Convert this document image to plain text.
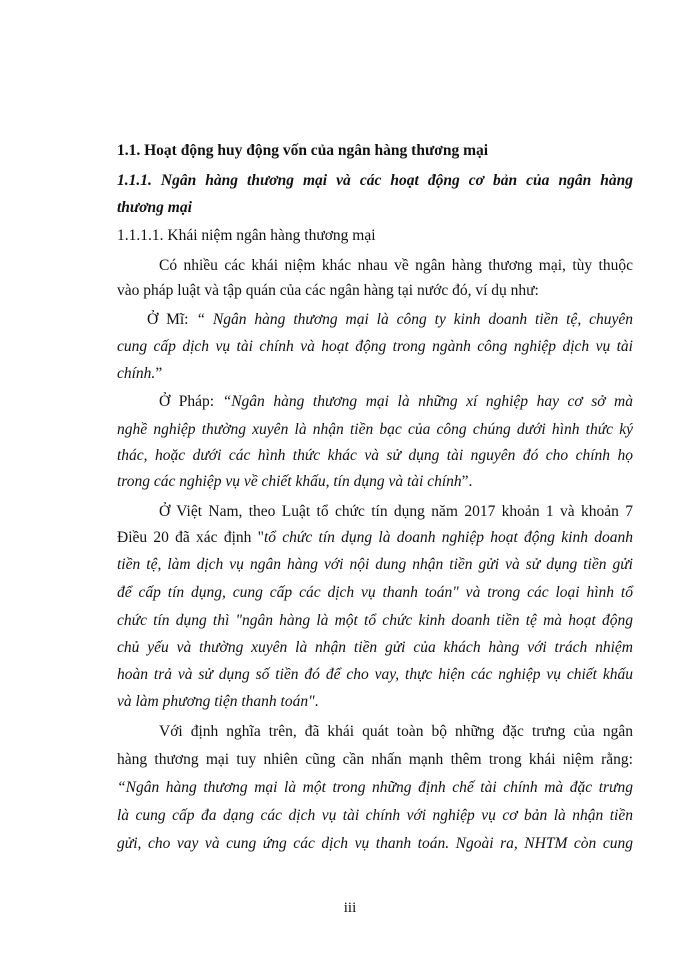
1.1. Hoạt động huy động vốn của ngân hàng thương mại
1.1.1. Ngân hàng thương mại và các hoạt động cơ bản của ngân hàng
thương mại
1.1.1.1. Khái niệm ngân hàng thương mại
Có nhiều các khái niệm khác nhau về ngân hàng thương mại, tùy thuộc
vào pháp luật và tập quán của các ngân hàng tại nước đó, ví dụ như:
Ở Mĩ: “ Ngân hàng thương mại là công ty kinh doanh tiền tệ, chuyên
cung cấp dịch vụ tài chính và hoạt động trong ngành công nghiệp dịch vụ tài
chính.”
Ở Pháp: “Ngân hàng thương mại là những xí nghiệp hay cơ sở mà
nghề nghiệp thường xuyên là nhận tiền bạc của công chúng dưới hình thức ký
thác, hoặc dưới các hình thức khác và sử dụng tài nguyên đó cho chính họ
trong các nghiệp vụ về chiết khấu, tín dụng và tài chính”.
Ở Việt Nam, theo Luật tổ chức tín dụng năm 2017 khoản 1 và khoản 7
Điều 20 đã xác định "tổ chức tín dụng là doanh nghiệp hoạt động kinh doanh
tiền tệ, làm dịch vụ ngân hàng với nội dung nhận tiền gửi và sử dụng tiền gửi
để cấp tín dụng, cung cấp các dịch vụ thanh toán" và trong các loại hình tổ
chức tín dụng thì "ngân hàng là một tổ chức kinh doanh tiền tệ mà hoạt động
chủ yếu và thường xuyên là nhận tiền gửi của khách hàng với trách nhiệm
hoàn trả và sử dụng số tiền đó để cho vay, thực hiện các nghiệp vụ chiết khấu
và làm phương tiện thanh toán".
Với định nghĩa trên, đã khái quát toàn bộ những đặc trưng của ngân
hàng thương mại tuy nhiên cũng cần nhấn mạnh thêm trong khái niệm rằng:
“Ngân hàng thương mại là một trong những định chế tài chính mà đặc trưng
là cung cấp đa dạng các dịch vụ tài chính với nghiệp vụ cơ bản là nhận tiền
gửi, cho vay và cung ứng các dịch vụ thanh toán. Ngoài ra, NHTM còn cung
iii
